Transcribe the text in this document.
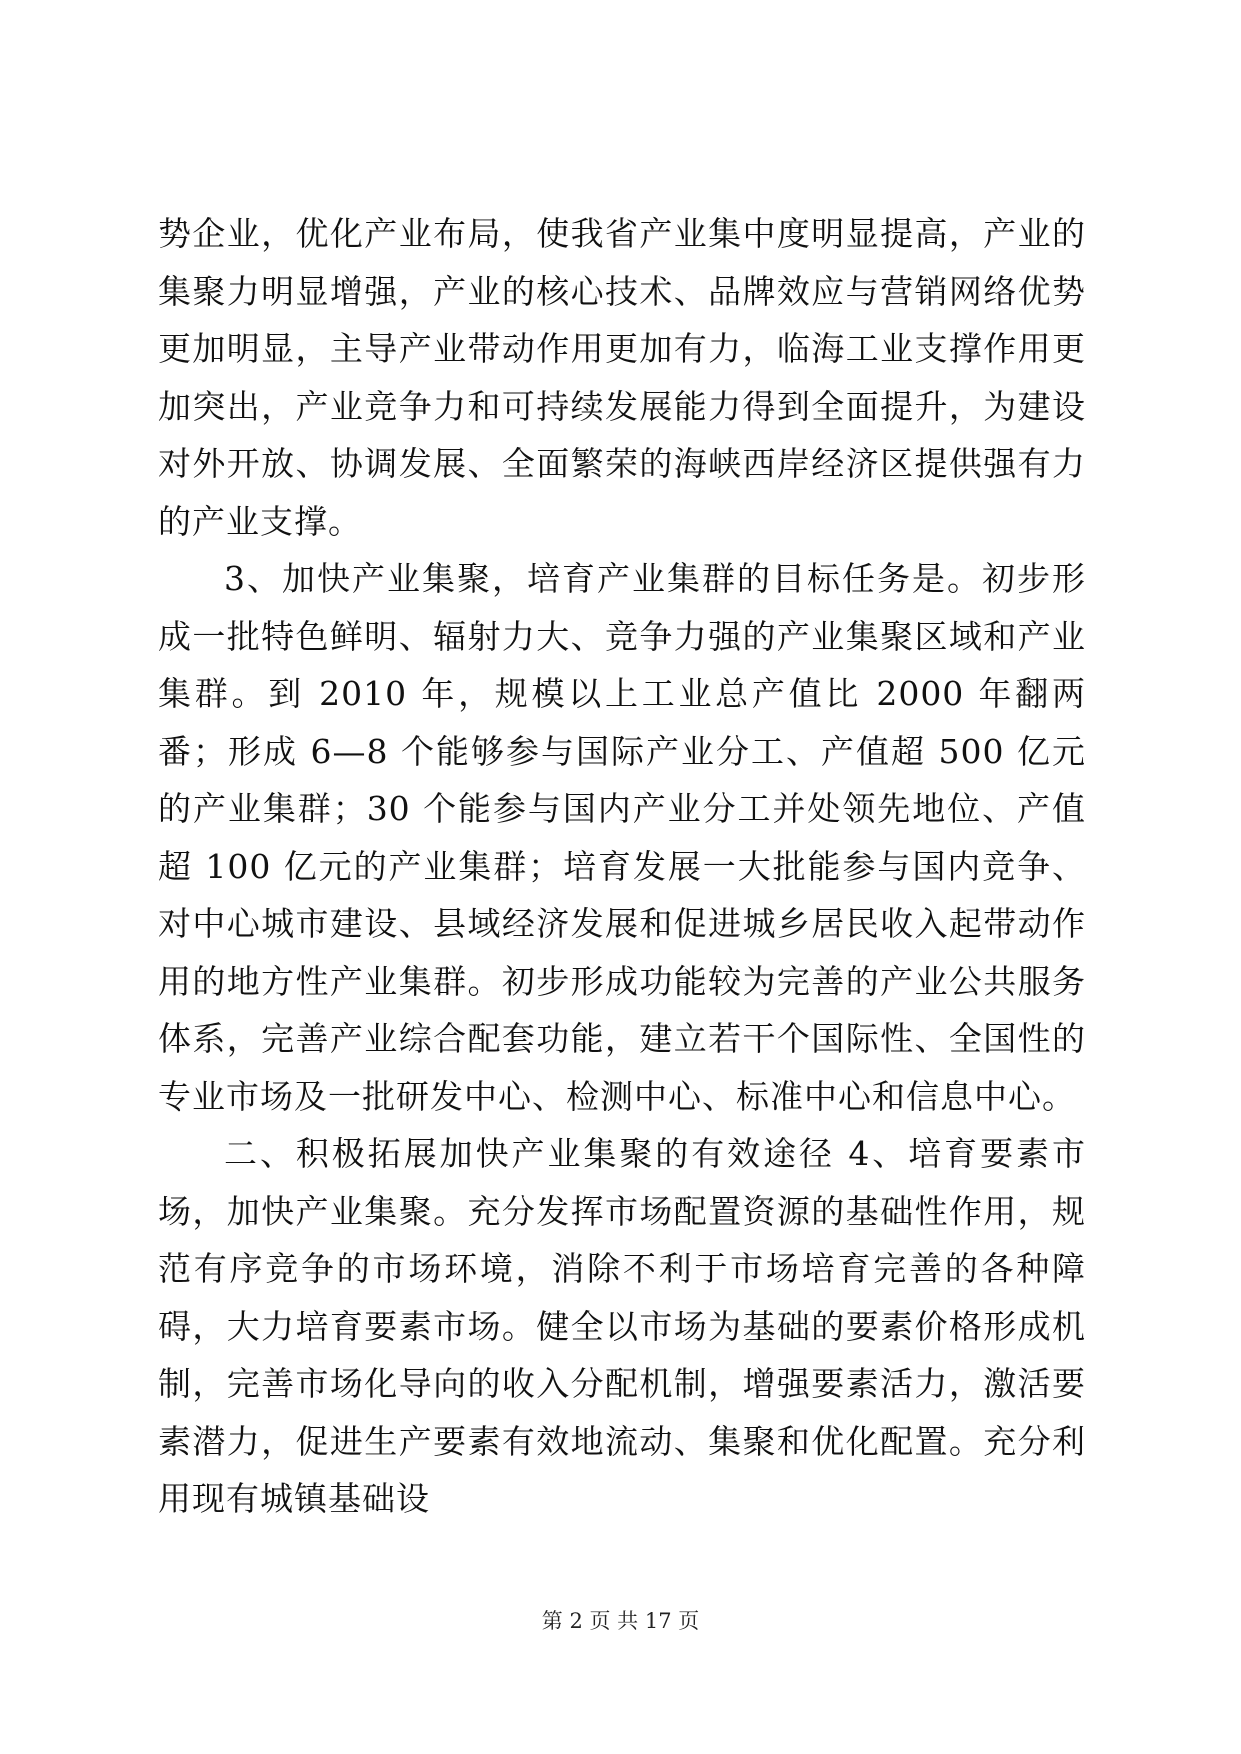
势企业，优化产业布局，使我省产业集中度明显提高，产业的集聚力明显增强，产业的核心技术、品牌效应与营销网络优势更加明显，主导产业带动作用更加有力，临海工业支撑作用更加突出，产业竞争力和可持续发展能力得到全面提升，为建设对外开放、协调发展、全面繁荣的海峡西岸经济区提供强有力的产业支撑。

3、加快产业集聚，培育产业集群的目标任务是。初步形成一批特色鲜明、辐射力大、竞争力强的产业集聚区域和产业集群。到 2010 年，规模以上工业总产值比 2000 年翻两番；形成 6—8 个能够参与国际产业分工、产值超 500 亿元的产业集群；30 个能参与国内产业分工并处领先地位、产值超 100 亿元的产业集群；培育发展一大批能参与国内竞争、对中心城市建设、县域经济发展和促进城乡居民收入起带动作用的地方性产业集群。初步形成功能较为完善的产业公共服务体系，完善产业综合配套功能，建立若干个国际性、全国性的专业市场及一批研发中心、检测中心、标准中心和信息中心。

二、积极拓展加快产业集聚的有效途径 4、培育要素市场，加快产业集聚。充分发挥市场配置资源的基础性作用，规范有序竞争的市场环境，消除不利于市场培育完善的各种障碍，大力培育要素市场。健全以市场为基础的要素价格形成机制，完善市场化导向的收入分配机制，增强要素活力，激活要素潜力，促进生产要素有效地流动、集聚和优化配置。充分利用现有城镇基础设

第 2 页 共 17 页
